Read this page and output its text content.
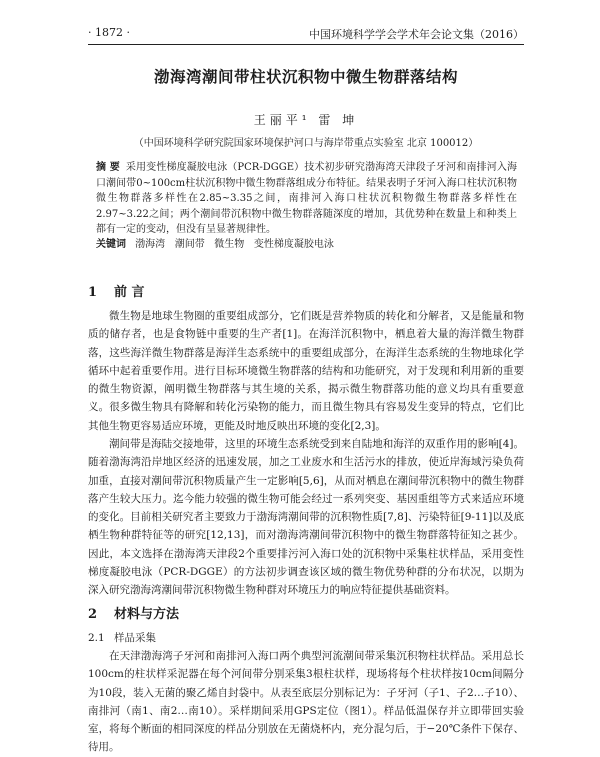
· 1872 ·	中国环境科学学会学术年会论文集（2016）
渤海湾潮间带柱状沉积物中微生物群落结构
王丽平¹ 雷 坤
（中国环境科学研究院国家环境保护河口与海岸带重点实验室 北京 100012）
摘 要 采用变性梯度凝胶电泳（PCR-DGGE）技术初步研究渤海湾天津段子牙河和南排河入海口潮间带0~100cm柱状沉积物中微生物群落组成分布特征。结果表明子牙河入海口柱状沉积物微生物群落多样性在2.85~3.35之间，南排河入海口柱状沉积物微生物群落多样性在2.97~3.22之间；两个潮间带沉积物中微生物群落随深度的增加，其优势种在数量上和种类上都有一定的变动，但没有呈显著规律性。
关键词 渤海湾 潮间带 微生物 变性梯度凝胶电泳
1 前 言
微生物是地球生物圈的重要组成部分，它们既是营养物质的转化和分解者，又是能量和物质的储存者，也是食物链中重要的生产者[1]。在海洋沉积物中，栖息着大量的海洋微生物群落，这些海洋微生物群落是海洋生态系统中的重要组成部分，在海洋生态系统的生物地球化学循环中起着重要作用。进行目标环境微生物群落的结构和功能研究，对于发现和利用新的重要的微生物资源，阐明微生物群落与其生境的关系，揭示微生物群落功能的意义均具有重要意义。很多微生物具有降解和转化污染物的能力，而且微生物具有容易发生变异的特点，它们比其他生物更容易适应环境，更能及时地反映出环境的变化[2,3]。
潮间带是海陆交接地带，这里的环境生态系统受到来自陆地和海洋的双重作用的影响[4]。随着渤海湾沿岸地区经济的迅速发展，加之工业废水和生活污水的排放，使近岸海域污染负荷加重，直接对潮间带沉积物质量产生一定影响[5,6]，从而对栖息在潮间带沉积物中的微生物群落产生较大压力。迄今能力较强的微生物可能会经过一系列突变、基因重组等方式来适应环境的变化。目前相关研究者主要致力于渤海湾潮间带的沉积物性质[7,8]、污染特征[9-11]以及底栖生物种群特征等的研究[12,13]，而对渤海湾潮间带沉积物中的微生物群落特征知之甚少。因此，本文选择在渤海湾天津段2个重要排污河入海口处的沉积物中采集柱状样品，采用变性梯度凝胶电泳（PCR-DGGE）的方法初步调查该区域的微生物优势种群的分布状况，以期为深入研究渤海湾潮间带沉积物微生物种群对环境压力的响应特征提供基础资料。
2 材料与方法
2.1 样品采集
在天津渤海湾子牙河和南排河入海口两个典型河流潮间带采集沉积物柱状样品。采用总长100cm的柱状样采泥器在每个河间带分别采集3根柱状样，现场将每个柱状样按10cm间隔分为10段，装入无菌的聚乙烯自封袋中。从表至底层分别标记为：子牙河（子1、子2…子10）、南排河（南1、南2…南10）。采样期间采用GPS定位（图1）。样品低温保存并立即带回实验室，将每个断面的相同深度的样品分别放在无菌烧杯内，充分混匀后，于−20℃条件下保存、待用。
